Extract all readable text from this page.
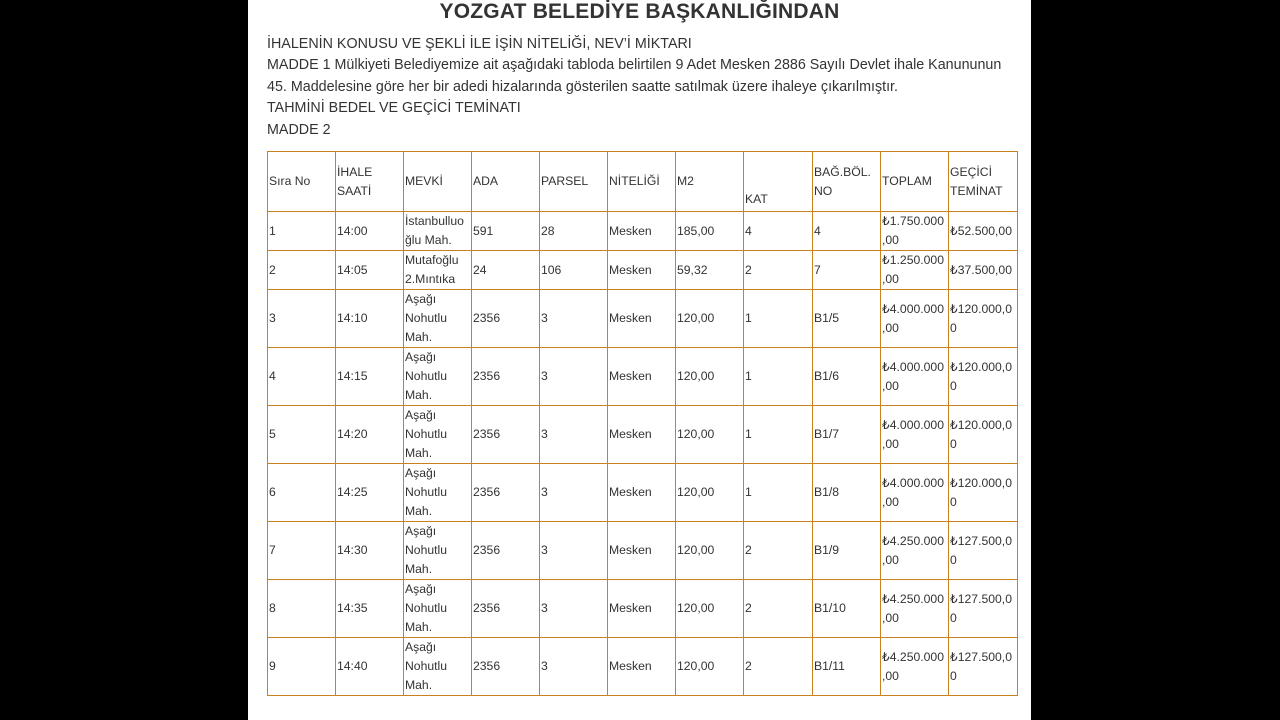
YOZGAT BELEDİYE BAŞKANLIĞINDAN
İHALENİN KONUSU VE ŞEKLİ İLE İŞİN NİTELİĞİ, NEV’İ MİKTARI
MADDE 1 Mülkiyeti Belediyemize ait aşağıdaki tabloda belirtilen 9 Adet Mesken 2886 Sayılı Devlet ihale Kanununun
45. Maddelesine göre her bir adedi hizalarında gösterilen saatte satılmak üzere ihaleye çıkarılmıştır.
TAHMİNİ BEDEL VE GEÇİCİ TEMİNATI
MADDE 2
Sıra No	İHALE SAATİ	MEVKİ	ADA	PARSEL	NİTELİĞİ	M2	KAT	BAĞ.BÖL. NO	TOPLAM	GEÇİCİ TEMİNAT
1	14:00	İstanbulluoğlu Mah.	591	28	Mesken	185,00	4	4	₺1.750.000,00	₺52.500,00
2	14:05	Mutafoğlu 2.Mıntıka	24	106	Mesken	59,32	2	7	₺1.250.000,00	₺37.500,00
3	14:10	Aşağı Nohutlu Mah.	2356	3	Mesken	120,00	1	B1/5	₺4.000.000,00	₺120.000,00
4	14:15	Aşağı Nohutlu Mah.	2356	3	Mesken	120,00	1	B1/6	₺4.000.000,00	₺120.000,00
5	14:20	Aşağı Nohutlu Mah.	2356	3	Mesken	120,00	1	B1/7	₺4.000.000,00	₺120.000,00
6	14:25	Aşağı Nohutlu Mah.	2356	3	Mesken	120,00	1	B1/8	₺4.000.000,00	₺120.000,00
7	14:30	Aşağı Nohutlu Mah.	2356	3	Mesken	120,00	2	B1/9	₺4.250.000,00	₺127.500,00
8	14:35	Aşağı Nohutlu Mah.	2356	3	Mesken	120,00	2	B1/10	₺4.250.000,00	₺127.500,00
9	14:40	Aşağı Nohutlu Mah.	2356	3	Mesken	120,00	2	B1/11	₺4.250.000,00	₺127.500,00
